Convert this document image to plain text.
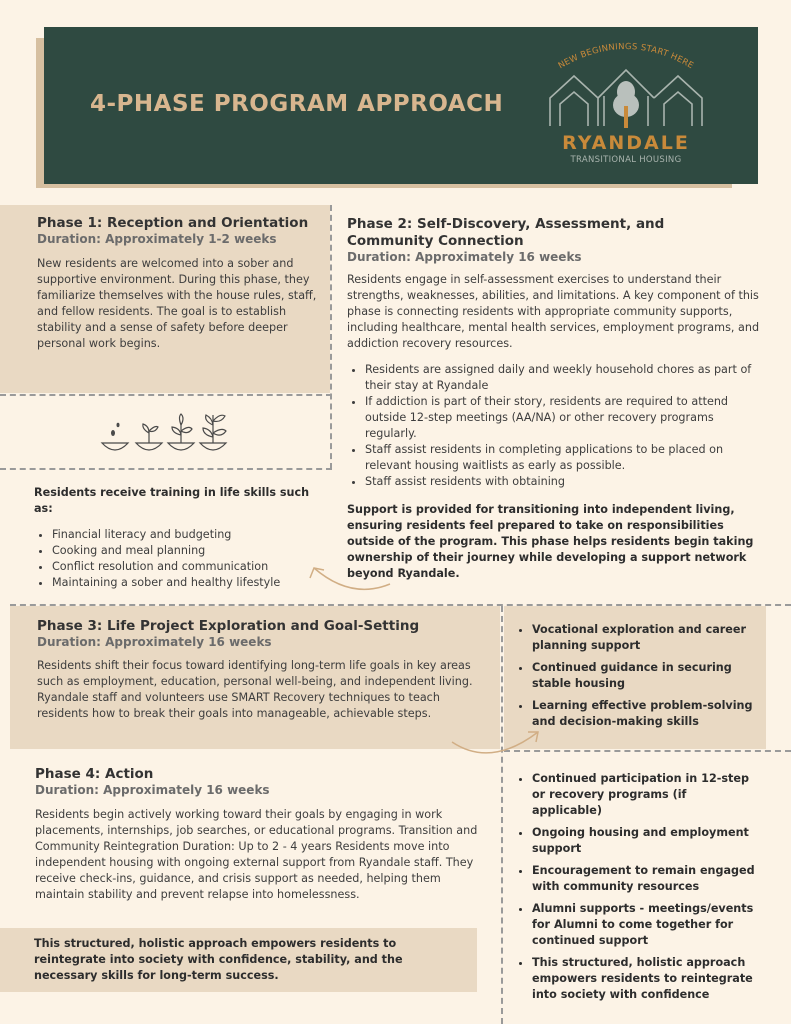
4-PHASE PROGRAM APPROACH
NEW BEGINNINGS START HERE
RYANDALE
TRANSITIONAL HOUSING
Phase 1: Reception and Orientation
Duration: Approximately 1-2 weeks

New residents are welcomed into a sober and supportive environment. During this phase, they familiarize themselves with the house rules, staff, and fellow residents. The goal is to establish stability and a sense of safety before deeper personal work begins.

Residents receive training in life skills such as:

• Financial literacy and budgeting
• Cooking and meal planning
• Conflict resolution and communication
• Maintaining a sober and healthy lifestyle
Phase 2: Self-Discovery, Assessment, and
Community Connection
Duration: Approximately 16 weeks

Residents engage in self-assessment exercises to understand their strengths, weaknesses, abilities, and limitations. A key component of this phase is connecting residents with appropriate community supports, including healthcare, mental health services, employment programs, and addiction recovery resources.

• Residents are assigned daily and weekly household chores as part of their stay at Ryandale
• If addiction is part of their story, residents are required to attend outside 12-step meetings (AA/NA) or other recovery programs regularly.
• Staff assist residents in completing applications to be placed on relevant housing waitlists as early as possible.
• Staff assist residents with obtaining

Support is provided for transitioning into independent living, ensuring residents feel prepared to take on responsibilities outside of the program. This phase helps residents begin taking ownership of their journey while developing a support network beyond Ryandale.

Phase 3: Life Project Exploration and Goal-Setting
Duration: Approximately 16 weeks

Residents shift their focus toward identifying long-term life goals in key areas such as employment, education, personal well-being, and independent living. Ryandale staff and volunteers use SMART Recovery techniques to teach residents how to break their goals into manageable, achievable steps.

• Vocational exploration and career planning support
• Continued guidance in securing stable housing
• Learning effective problem-solving and decision-making skills
Phase 4: Action
Duration: Approximately 16 weeks

Residents begin actively working toward their goals by engaging in work placements, internships, job searches, or educational programs. Transition and Community Reintegration Duration: Up to 2 - 4 years Residents move into independent housing with ongoing external support from Ryandale staff. They receive check-ins, guidance, and crisis support as needed, helping them maintain stability and prevent relapse into homelessness.

This structured, holistic approach empowers residents to reintegrate into society with confidence, stability, and the necessary skills for long-term success.

• Continued participation in 12-step or recovery programs (if applicable)
• Ongoing housing and employment support
• Encouragement to remain engaged with community resources
• Alumni supports - meetings/events for Alumni to come together for continued support
• This structured, holistic approach empowers residents to reintegrate into society with confidence
